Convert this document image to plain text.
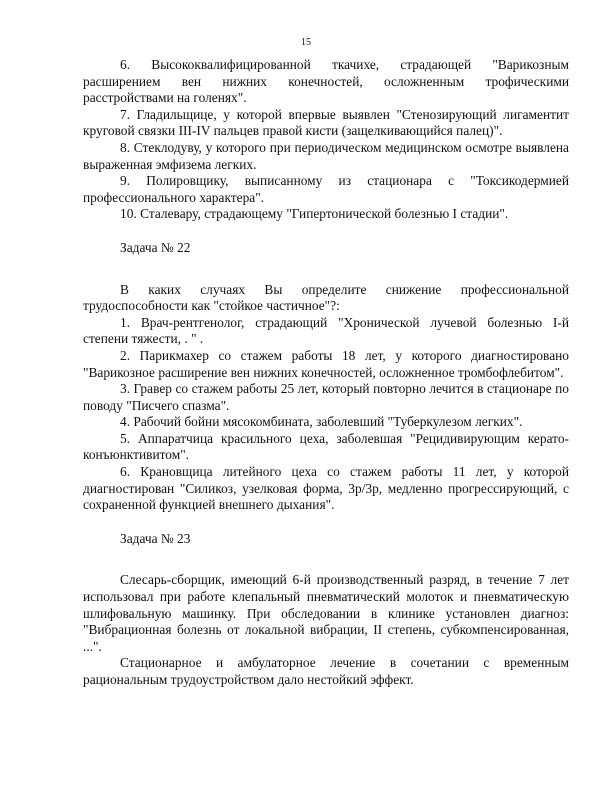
15

6. Высококвалифицированной ткачихе, страдающей "Варикозным расширением вен нижних конечностей, осложненным трофическими расстройствами на голенях".

7. Гладильщице, у которой впервые выявлен "Стенозирующий лигаментит круговой связки III-IV пальцев правой кисти (защелкивающийся палец)".

8. Стеклодуву, у которого при периодическом медицинском осмотре выявлена выраженная эмфизема легких.

9. Полировщику, выписанному из стационара с "Токсикодермией профессионального характера".

10. Сталевару, страдающему "Гипертонической болезнью I стадии".

Задача № 22

В каких случаях Вы определите снижение профессиональной трудоспособности как "стойкое частичное"?:

1. Врач-рентгенолог, страдающий "Хронической лучевой болезнью I-й степени тяжести, . " .

2. Парикмахер со стажем работы 18 лет, у которого диагностировано "Варикозное расширение вен нижних конечностей, осложненное тромбофлебитом".

3. Гравер со стажем работы 25 лет, который повторно лечится в стационаре по поводу "Писчего спазма".

4. Рабочий бойни мясокомбината, заболевший "Туберкулезом легких".

5. Аппаратчица красильного цеха, заболевшая "Рецидивирующим керато-конъюнктивитом".

6. Крановщица литейного цеха со стажем работы 11 лет, у которой диагностирован "Силикоз, узелковая форма, 3р/3р, медленно прогрессирующий, с сохраненной функцией внешнего дыхания".

Задача № 23

Слесарь-сборщик, имеющий 6-й производственный разряд, в течение 7 лет использовал при работе клепальный пневматический молоток и пневматическую шлифовальную машинку. При обследовании в клинике установлен диагноз: "Вибрационная болезнь от локальной вибрации, II степень, субкомпенсированная, ...".

Стационарное и амбулаторное лечение в сочетании с временным рациональным трудоустройством дало нестойкий эффект.
